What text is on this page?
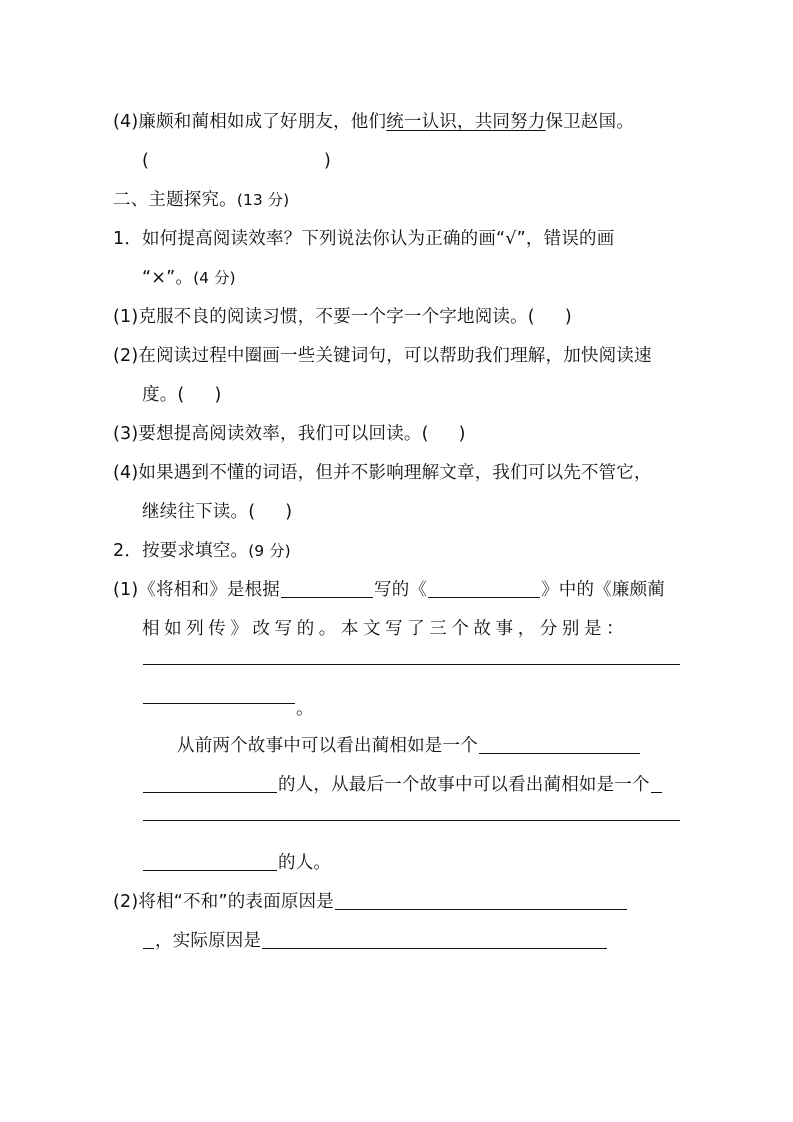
(4)廉颇和蔺相如成了好朋友，他们统一认识，共同努力保卫赵国。
(	)
二、主题探究。(13 分)
1．如何提高阅读效率？下列说法你认为正确的画“√”，错误的画
“×”。(4 分)
(1)克服不良的阅读习惯，不要一个字一个字地阅读。( )
(2)在阅读过程中圈画一些关键词句，可以帮助我们理解，加快阅读速
度。( )
(3)要想提高阅读效率，我们可以回读。( )
(4)如果遇到不懂的词语，但并不影响理解文章，我们可以先不管它，
继续往下读。( )
2．按要求填空。(9 分)
(1)《将相和》是根据	写的《	》中的《廉颇蔺
相如列传》改写的。本文写了三个故事，分别是：
。
从前两个故事中可以看出蔺相如是一个
的人，从最后一个故事中可以看出蔺相如是一个
的人。
(2)将相“不和”的表面原因是
，实际原因是
